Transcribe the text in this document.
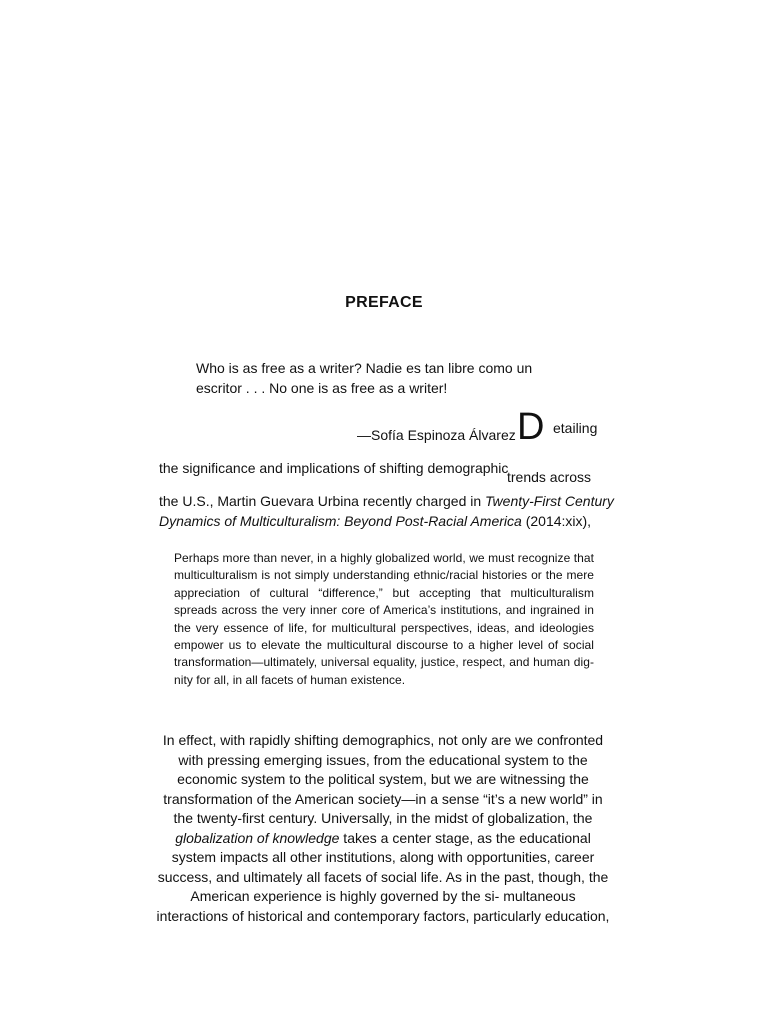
PREFACE
Who is as free as a writer? Nadie es tan libre como un
escritor . . . No one is as free as a writer!
—Sofía Espinoza Álvarez D etailing
the significance and implications of shifting demographic
trends across
the U.S., Martin Guevara Urbina recently charged in Twenty-First Century
Dynamics of Multiculturalism: Beyond Post-Racial America (2014:xix),
Perhaps more than never, in a highly globalized world, we must recognize that multiculturalism is not simply understanding ethnic/racial histories or the mere appreciation of cultural “difference,” but accepting that multiculturalism spreads across the very inner core of America’s institutions, and ingrained in the very essence of life, for multicultural perspectives, ideas, and ideologies empower us to elevate the multicultural discourse to a higher level of social transformation—ultimately, universal equality, justice, respect, and human dig- nity for all, in all facets of human existence.
In effect, with rapidly shifting demographics, not only are we confronted
with pressing emerging issues, from the educational system to the
economic system to the political system, but we are witnessing the
transformation of the American society—in a sense “it’s a new world” in
the twenty-first century. Universally, in the midst of globalization, the
globalization of knowledge takes a center stage, as the educational
system impacts all other institutions, along with opportunities, career
success, and ultimately all facets of social life. As in the past, though, the
American experience is highly governed by the si- multaneous
interactions of historical and contemporary factors, particularly education,
